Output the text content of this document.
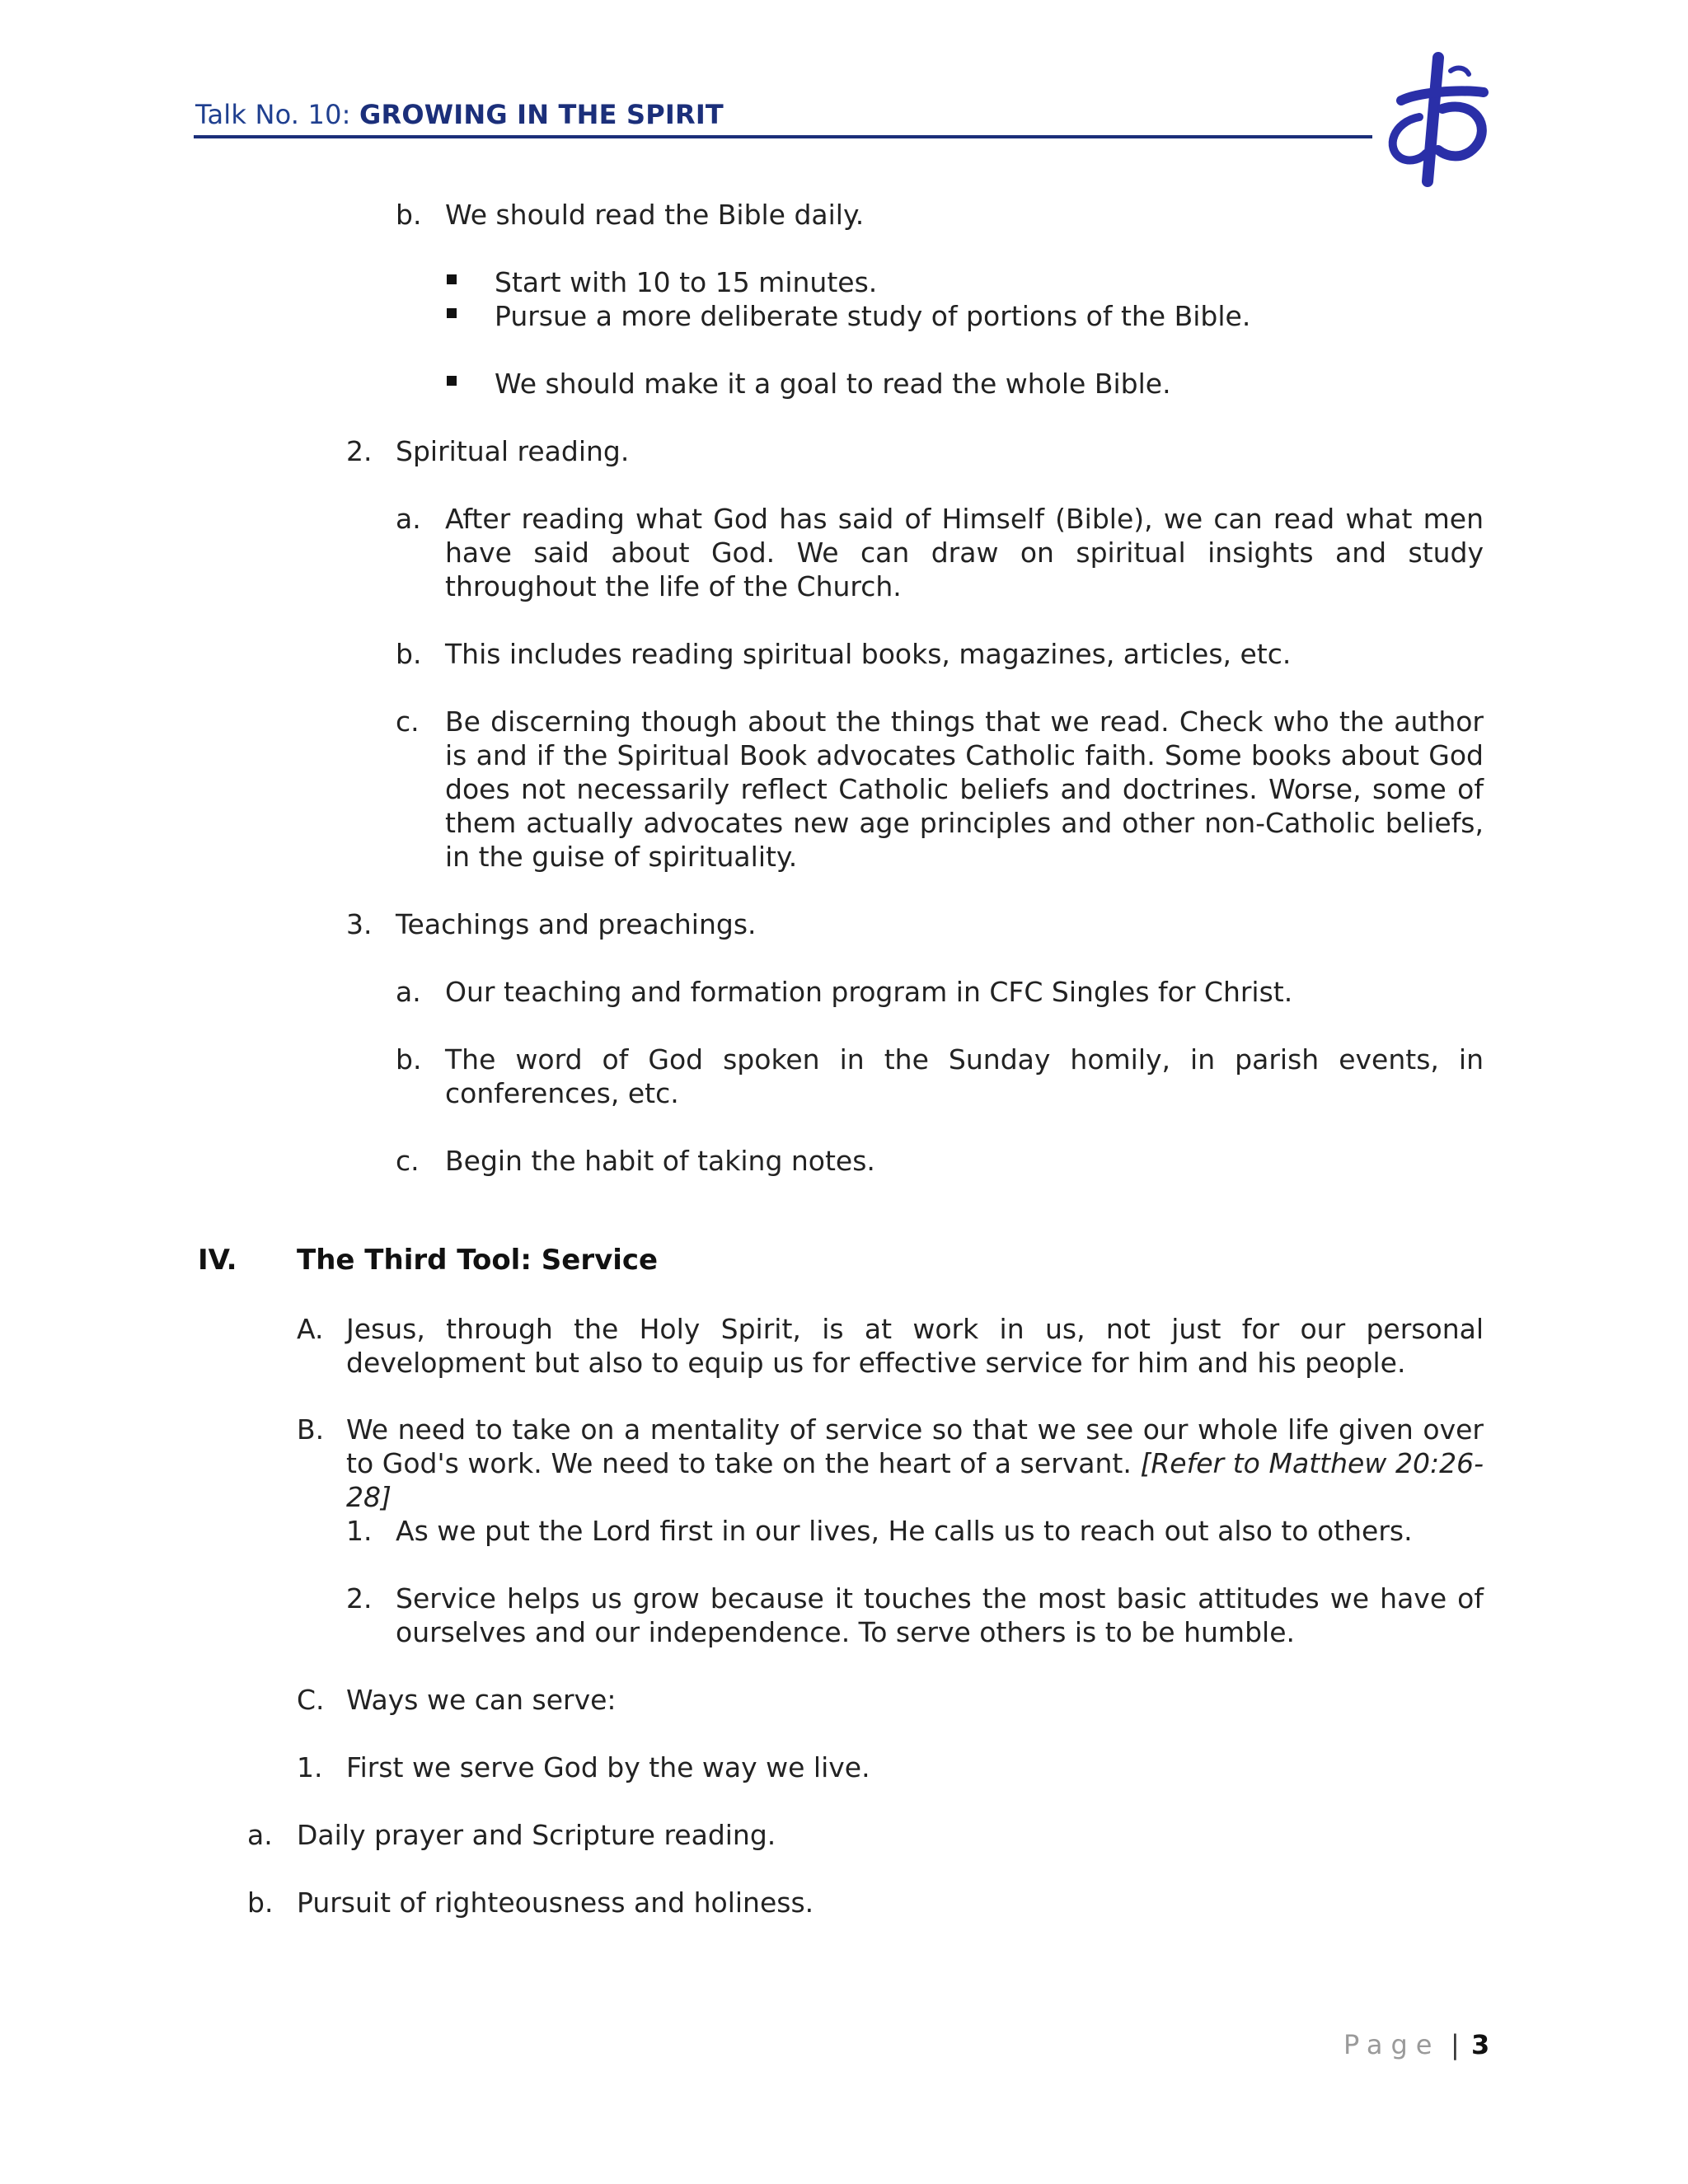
Talk No. 10: GROWING IN THE SPIRIT
b. We should read the Bible daily.
Start with 10 to 15 minutes.
Pursue a more deliberate study of portions of the Bible.
We should make it a goal to read the whole Bible.
2. Spiritual reading.
a. After reading what God has said of Himself (Bible), we can read what men have said about God. We can draw on spiritual insights and study throughout the life of the Church.
b. This includes reading spiritual books, magazines, articles, etc.
c. Be discerning though about the things that we read. Check who the author is and if the Spiritual Book advocates Catholic faith. Some books about God does not necessarily reflect Catholic beliefs and doctrines. Worse, some of them actually advocates new age principles and other non-Catholic beliefs, in the guise of spirituality.
3. Teachings and preachings.
a. Our teaching and formation program in CFC Singles for Christ.
b. The word of God spoken in the Sunday homily, in parish events, in conferences, etc.
c. Begin the habit of taking notes.
IV. The Third Tool: Service
A. Jesus, through the Holy Spirit, is at work in us, not just for our personal development but also to equip us for effective service for him and his people.
B. We need to take on a mentality of service so that we see our whole life given over to God's work. We need to take on the heart of a servant. [Refer to Matthew 20:26-28]
1. As we put the Lord first in our lives, He calls us to reach out also to others.
2. Service helps us grow because it touches the most basic attitudes we have of ourselves and our independence. To serve others is to be humble.
C. Ways we can serve:
1. First we serve God by the way we live.
a. Daily prayer and Scripture reading.
b. Pursuit of righteousness and holiness.
Page | 3
